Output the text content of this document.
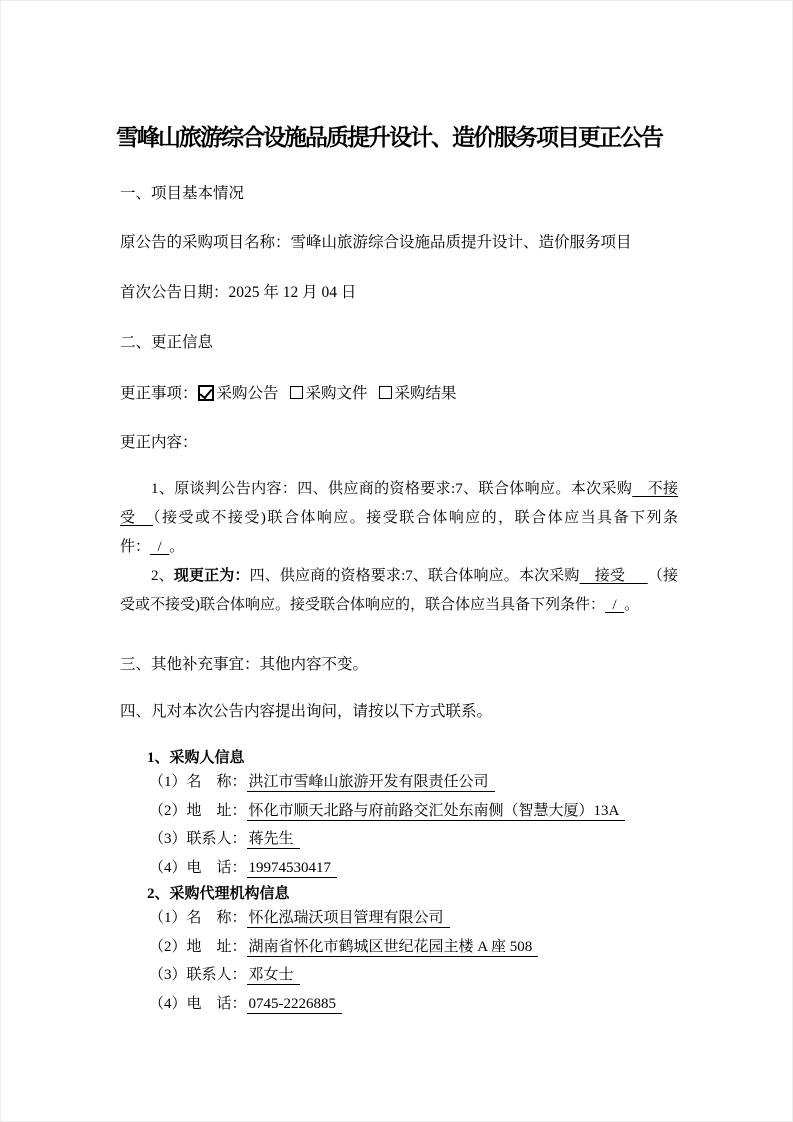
雪峰山旅游综合设施品质提升设计、造价服务项目更正公告
一、项目基本情况
原公告的采购项目名称：雪峰山旅游综合设施品质提升设计、造价服务项目
首次公告日期：2025 年 12 月 04 日
二、更正信息
更正事项： 采购公告 采购文件 采购结果
更正内容：
1、原谈判公告内容：四、供应商的资格要求:7、联合体响应。本次采购　不接受　（接受或不接受)联合体响应。接受联合体响应的，联合体应当具备下列条件： / 。
2、现更正为：四、供应商的资格要求:7、联合体响应。本次采购　接受　 （接受或不接受)联合体响应。接受联合体响应的，联合体应当具备下列条件： / 。
三、其他补充事宜：其他内容不变。
四、凡对本次公告内容提出询问，请按以下方式联系。
1、采购人信息
（1）名　称： 洪江市雪峰山旅游开发有限责任公司
（2）地　址： 怀化市顺天北路与府前路交汇处东南侧（智慧大厦）13A
（3）联系人： 蒋先生
（4）电　话： 19974530417
2、采购代理机构信息
（1）名　称： 怀化泓瑞沃项目管理有限公司
（2）地　址： 湖南省怀化市鹤城区世纪花园主楼 A 座 508
（3）联系人： 邓女士
（4）电　话： 0745-2226885
